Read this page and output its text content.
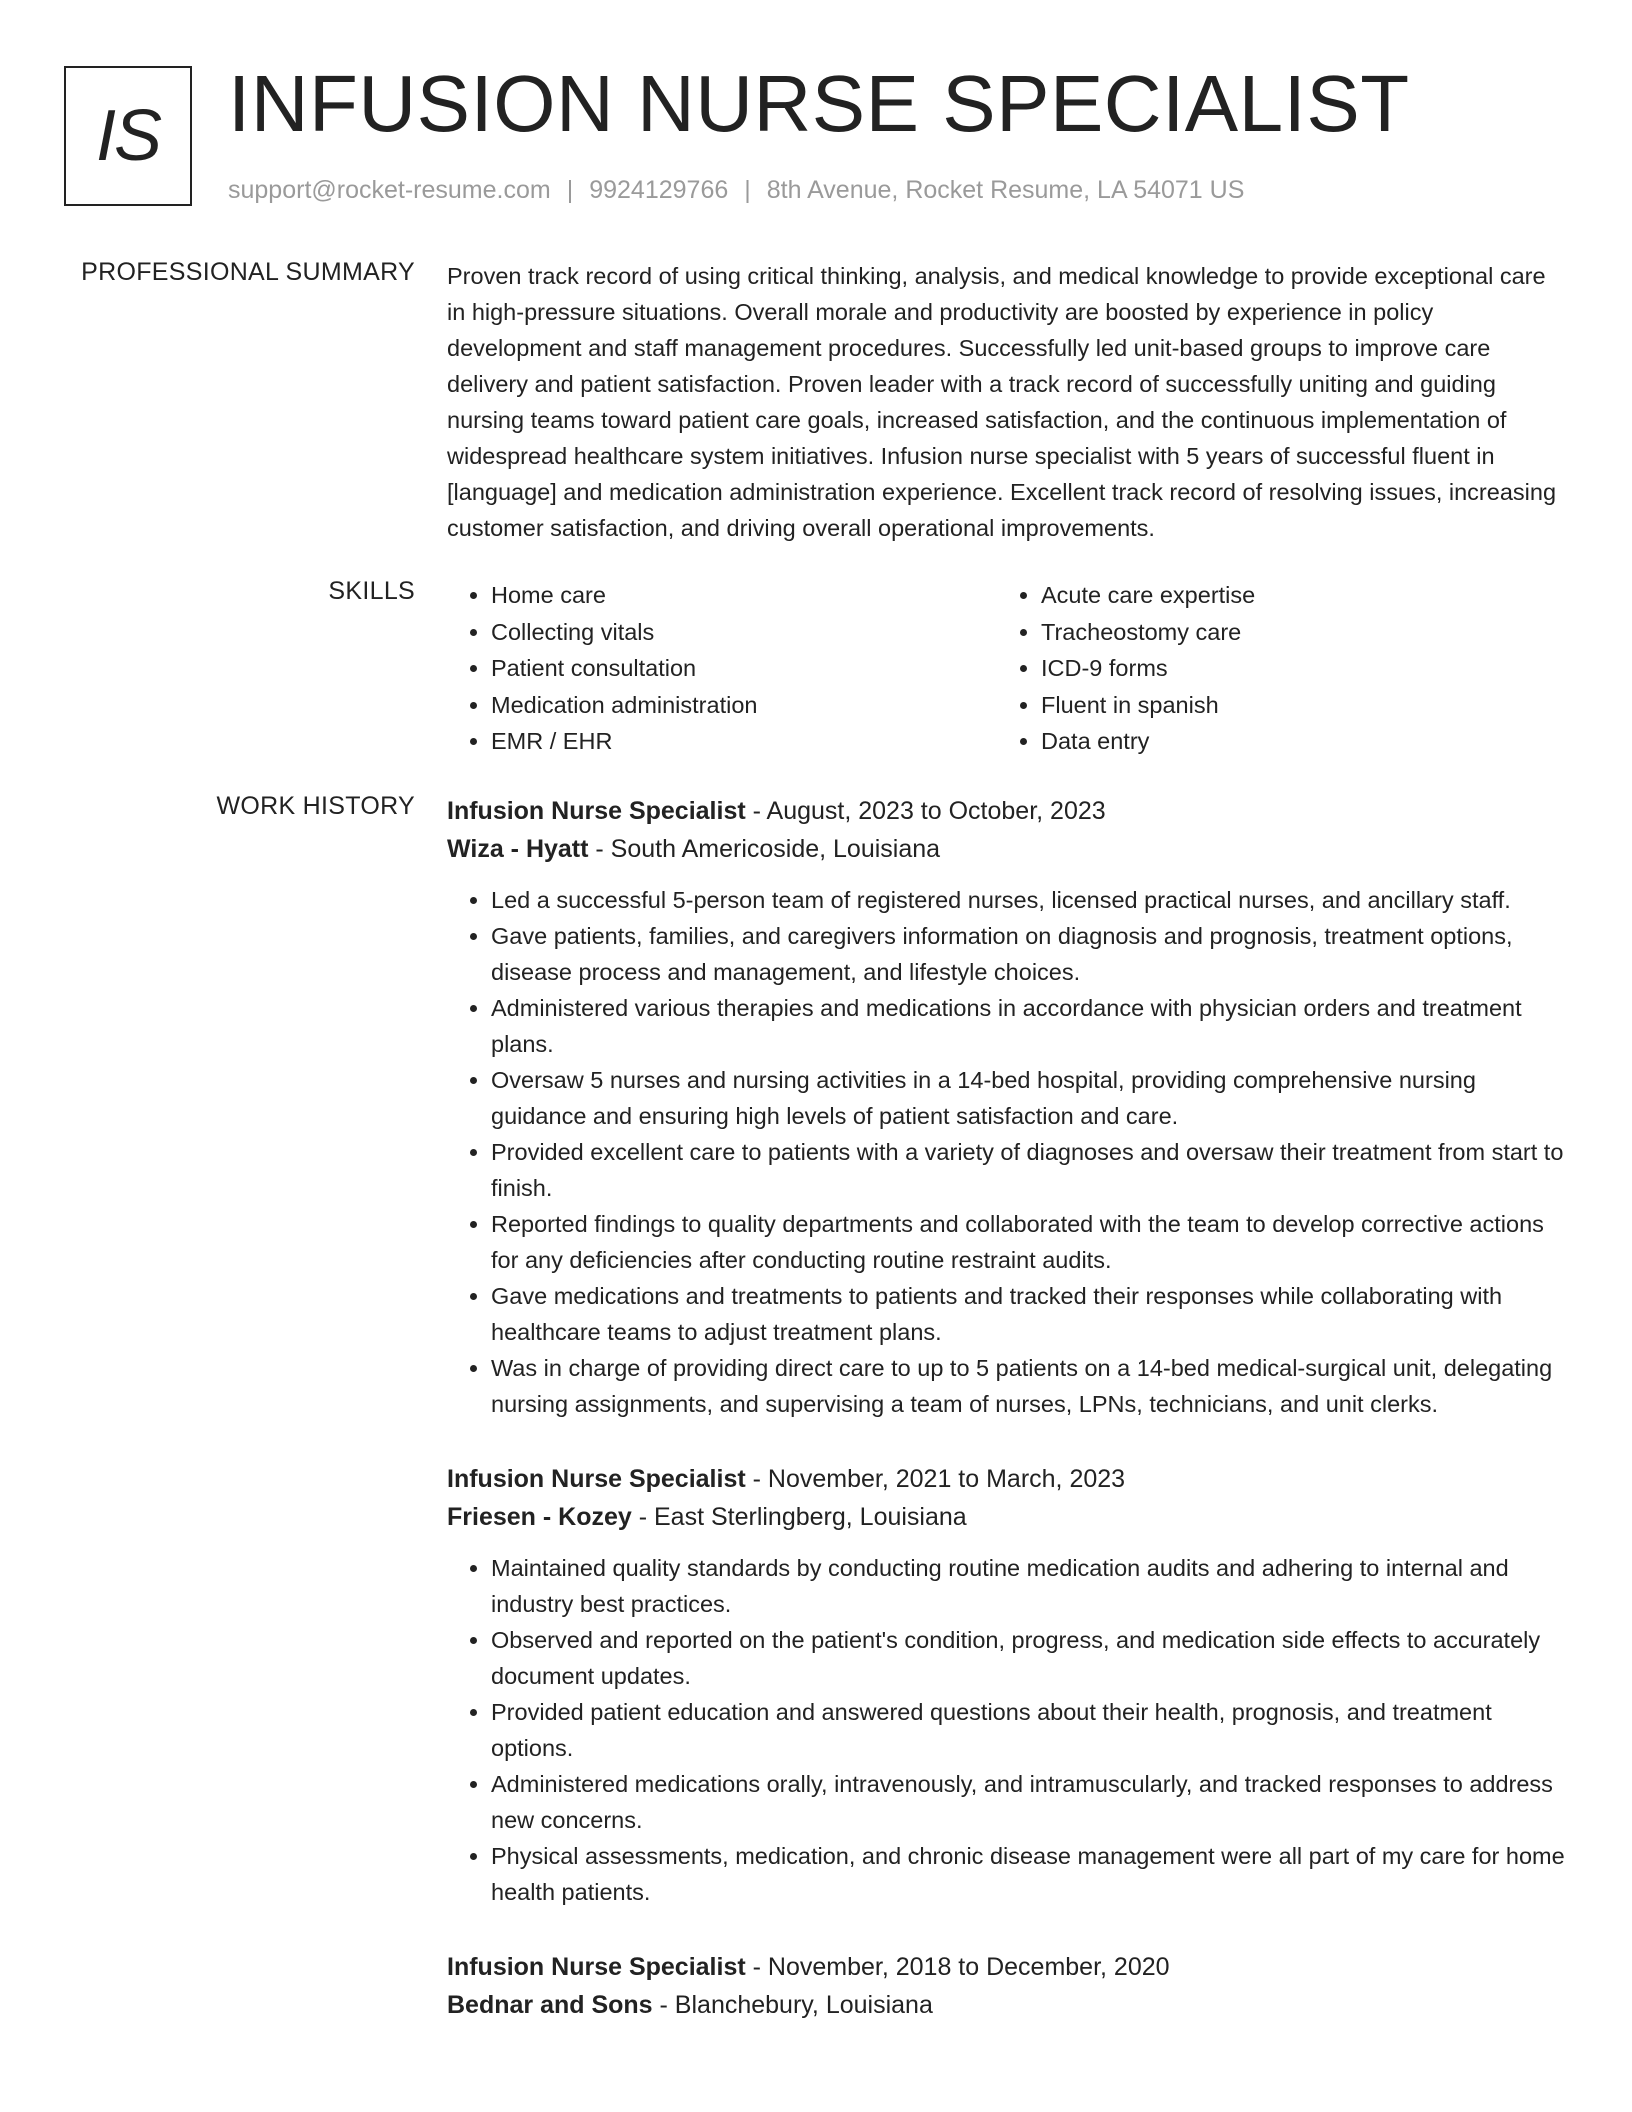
IS INFUSION NURSE SPECIALIST
support@rocket-resume.com | 9924129766 | 8th Avenue, Rocket Resume, LA 54071 US
PROFESSIONAL SUMMARY Proven track record of using critical thinking, analysis, and medical knowledge to provide exceptional care in high-pressure situations. Overall morale and productivity are boosted by experience in policy development and staff management procedures. Successfully led unit-based groups to improve care delivery and patient satisfaction. Proven leader with a track record of successfully uniting and guiding nursing teams toward patient care goals, increased satisfaction, and the continuous implementation of widespread healthcare system initiatives. Infusion nurse specialist with 5 years of successful fluent in [language] and medication administration experience. Excellent track record of resolving issues, increasing customer satisfaction, and driving overall operational improvements.

SKILLS
•	Home care
• Collecting vitals
• Patient consultation
• Medication administration
• EMR / EHR
• Acute care expertise
• Tracheostomy care
• ICD-9 forms
• Fluent in spanish
• Data entry
WORK HISTORY Infusion Nurse Specialist - August, 2023 to October, 2023
Wiza - Hyatt - South Americoside, Louisiana
• Led a successful 5-person team of registered nurses, licensed practical nurses, and ancillary staff.
• Gave patients, families, and caregivers information on diagnosis and prognosis, treatment options, disease process and management, and lifestyle choices.
• Administered various therapies and medications in accordance with physician orders and treatment plans.
• Oversaw 5 nurses and nursing activities in a 14-bed hospital, providing comprehensive nursing guidance and ensuring high levels of patient satisfaction and care.
• Provided excellent care to patients with a variety of diagnoses and oversaw their treatment from start to finish.
• Reported findings to quality departments and collaborated with the team to develop corrective actions for any deficiencies after conducting routine restraint audits.
• Gave medications and treatments to patients and tracked their responses while collaborating with healthcare teams to adjust treatment plans.
• Was in charge of providing direct care to up to 5 patients on a 14-bed medical-surgical unit, delegating nursing assignments, and supervising a team of nurses, LPNs, technicians, and unit clerks.
Infusion Nurse Specialist - November, 2021 to March, 2023
Friesen - Kozey - East Sterlingberg, Louisiana
• Maintained quality standards by conducting routine medication audits and adhering to internal and industry best practices.
• Observed and reported on the patient's condition, progress, and medication side effects to accurately document updates.
• Provided patient education and answered questions about their health, prognosis, and treatment options.
• Administered medications orally, intravenously, and intramuscularly, and tracked responses to address new concerns.
• Physical assessments, medication, and chronic disease management were all part of my care for home health patients.
Infusion Nurse Specialist - November, 2018 to December, 2020
Bednar and Sons - Blanchebury, Louisiana
